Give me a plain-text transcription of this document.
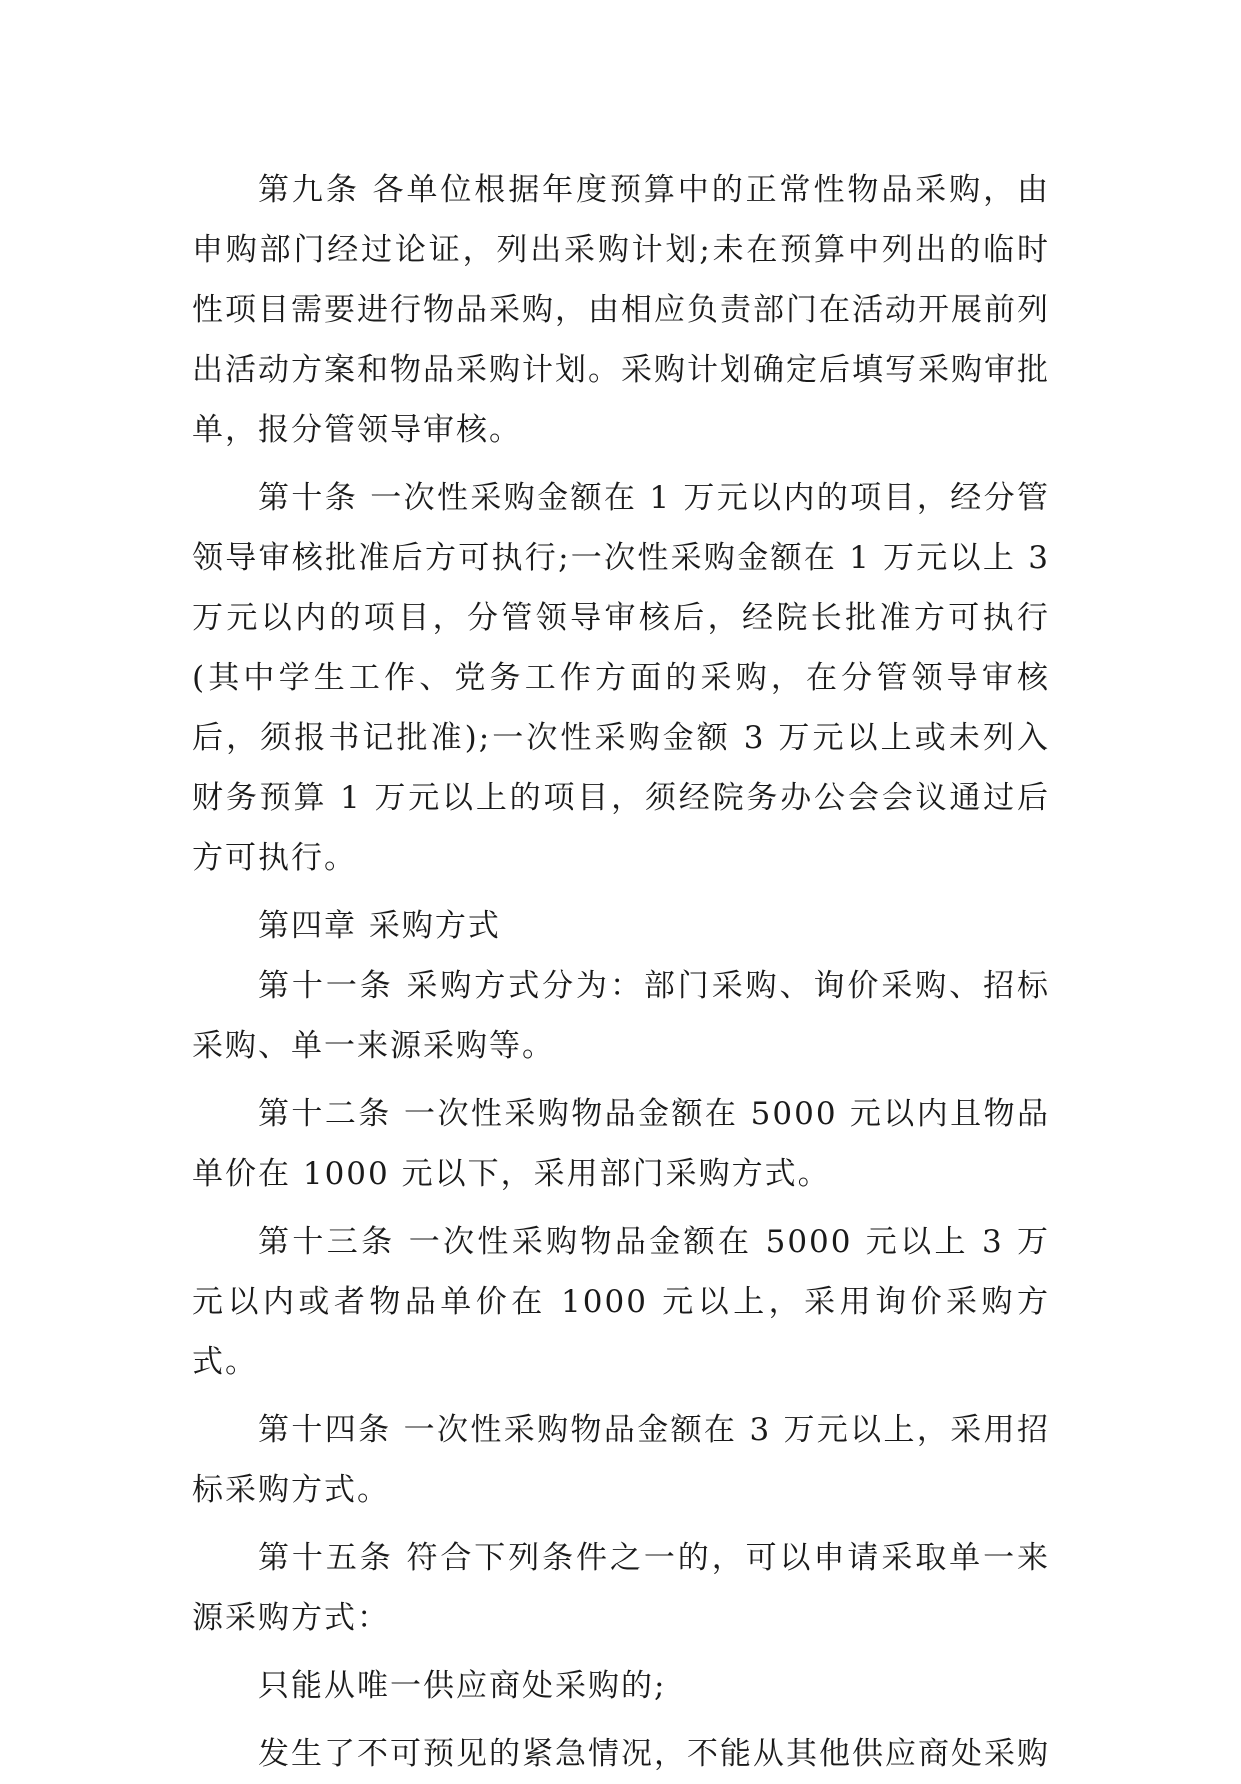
第九条 各单位根据年度预算中的正常性物品采购，由申购部门经过论证，列出采购计划;未在预算中列出的临时性项目需要进行物品采购，由相应负责部门在活动开展前列出活动方案和物品采购计划。采购计划确定后填写采购审批单，报分管领导审核。

第十条 一次性采购金额在 1 万元以内的项目，经分管领导审核批准后方可执行;一次性采购金额在 1 万元以上 3 万元以内的项目，分管领导审核后，经院长批准方可执行(其中学生工作、党务工作方面的采购，在分管领导审核后，须报书记批准);一次性采购金额 3 万元以上或未列入财务预算 1 万元以上的项目，须经院务办公会会议通过后方可执行。

第四章 采购方式

第十一条 采购方式分为：部门采购、询价采购、招标采购、单一来源采购等。

第十二条 一次性采购物品金额在 5000 元以内且物品单价在 1000 元以下，采用部门采购方式。

第十三条 一次性采购物品金额在 5000 元以上 3 万元以内或者物品单价在 1000 元以上，采用询价采购方式。

第十四条 一次性采购物品金额在 3 万元以上，采用招标采购方式。

第十五条 符合下列条件之一的，可以申请采取单一来源采购方式：

只能从唯一供应商处采购的;

发生了不可预见的紧急情况，不能从其他供应商处采购
